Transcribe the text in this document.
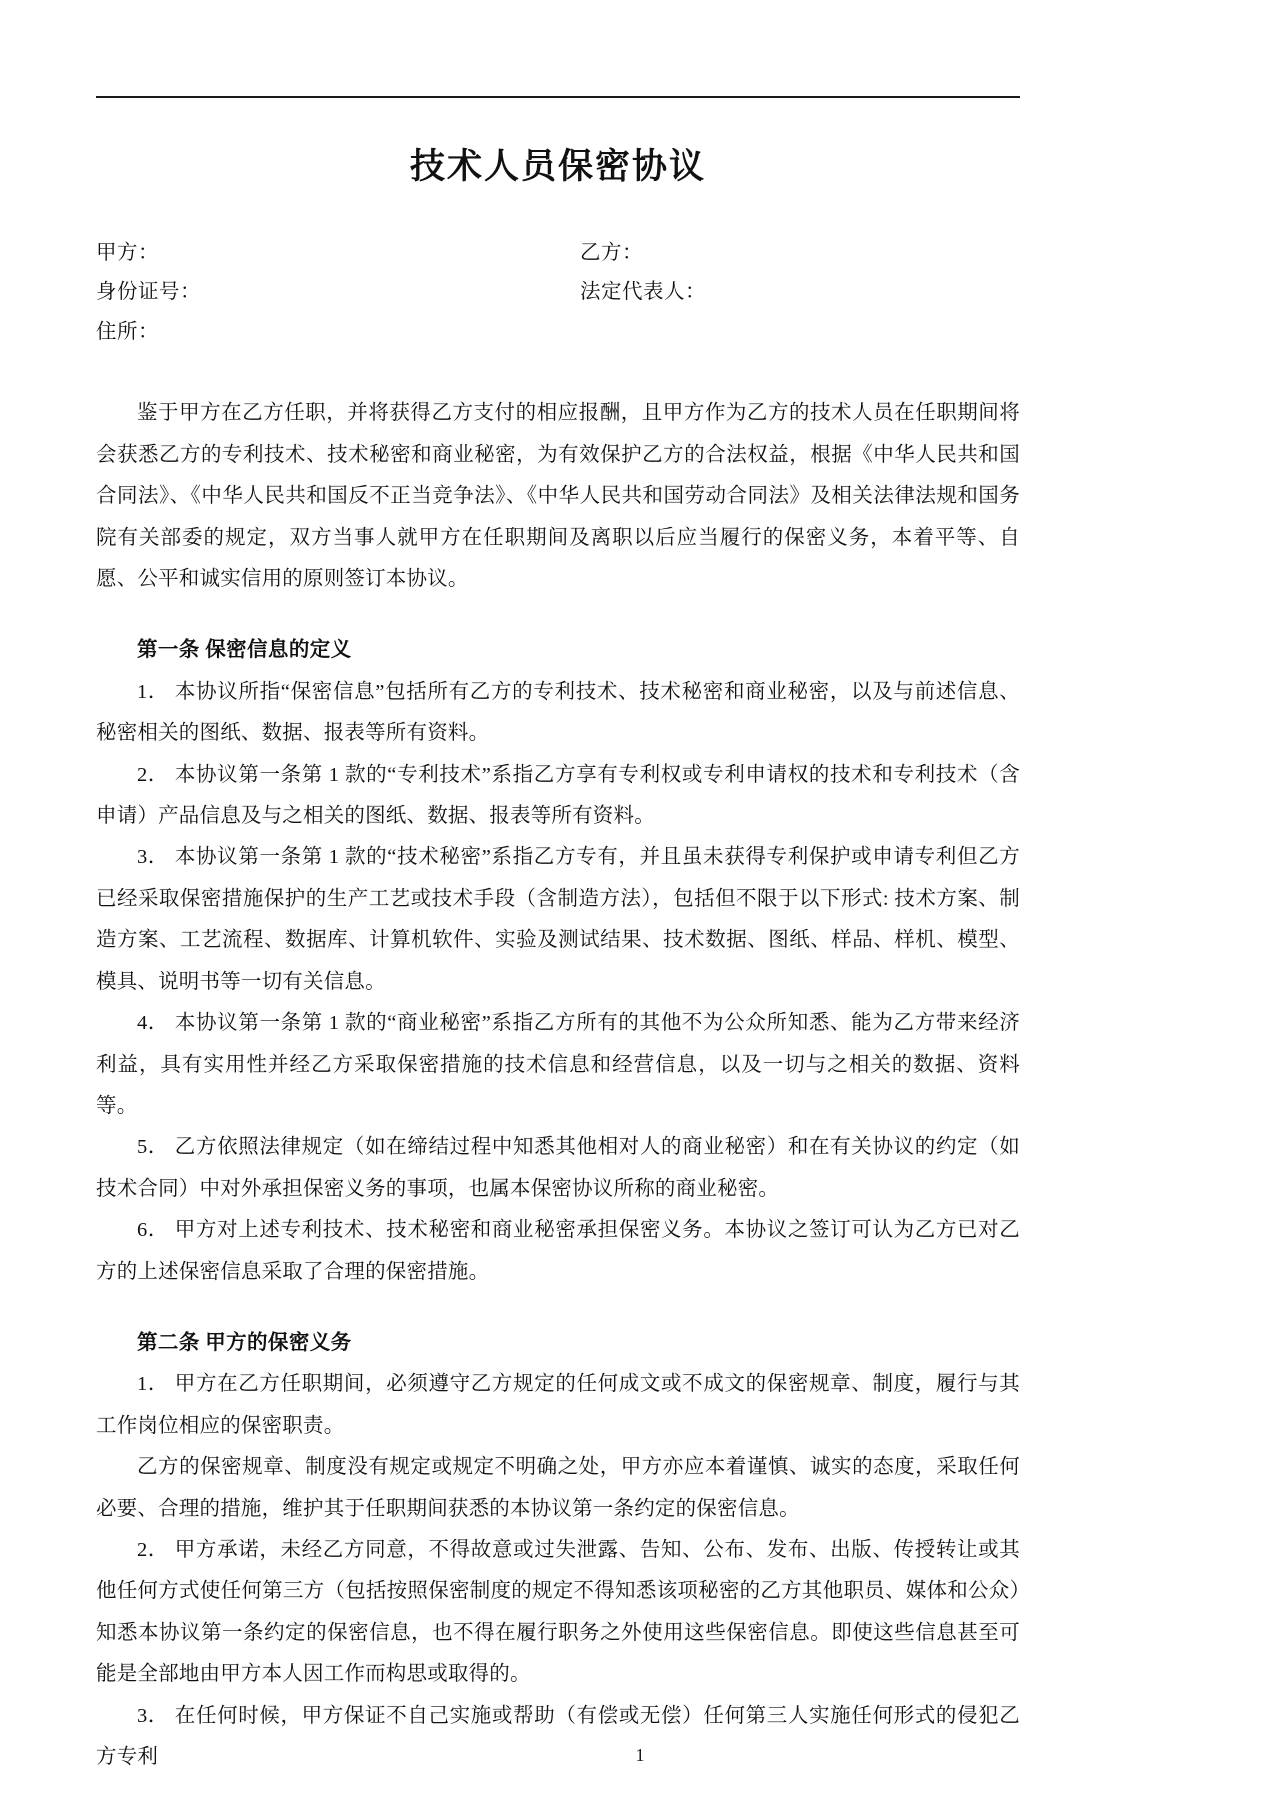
技术人员保密协议
甲方：	乙方：
身份证号：	法定代表人：
住所：

鉴于甲方在乙方任职，并将获得乙方支付的相应报酬，且甲方作为乙方的技术人员在任职期间将会获悉乙方的专利技术、技术秘密和商业秘密，为有效保护乙方的合法权益，根据《中华人民共和国合同法》、《中华人民共和国反不正当竞争法》、《中华人民共和国劳动合同法》及相关法律法规和国务院有关部委的规定，双方当事人就甲方在任职期间及离职以后应当履行的保密义务，本着平等、自愿、公平和诚实信用的原则签订本协议。

第一条 保密信息的定义

1． 本协议所指“保密信息”包括所有乙方的专利技术、技术秘密和商业秘密，以及与前述信息、秘密相关的图纸、数据、报表等所有资料。

2． 本协议第一条第 1 款的“专利技术”系指乙方享有专利权或专利申请权的技术和专利技术（含申请）产品信息及与之相关的图纸、数据、报表等所有资料。

3． 本协议第一条第 1 款的“技术秘密”系指乙方专有，并且虽未获得专利保护或申请专利但乙方已经采取保密措施保护的生产工艺或技术手段（含制造方法），包括但不限于以下形式: 技术方案、制造方案、工艺流程、数据库、计算机软件、实验及测试结果、技术数据、图纸、样品、样机、模型、模具、说明书等一切有关信息。

4． 本协议第一条第 1 款的“商业秘密”系指乙方所有的其他不为公众所知悉、能为乙方带来经济利益，具有实用性并经乙方采取保密措施的技术信息和经营信息，以及一切与之相关的数据、资料等。

5． 乙方依照法律规定（如在缔结过程中知悉其他相对人的商业秘密）和在有关协议的约定（如技术合同）中对外承担保密义务的事项，也属本保密协议所称的商业秘密。

6． 甲方对上述专利技术、技术秘密和商业秘密承担保密义务。本协议之签订可认为乙方已对乙方的上述保密信息采取了合理的保密措施。

第二条 甲方的保密义务

1． 甲方在乙方任职期间，必须遵守乙方规定的任何成文或不成文的保密规章、制度，履行与其工作岗位相应的保密职责。

乙方的保密规章、制度没有规定或规定不明确之处，甲方亦应本着谨慎、诚实的态度，采取任何必要、合理的措施，维护其于任职期间获悉的本协议第一条约定的保密信息。

2． 甲方承诺，未经乙方同意，不得故意或过失泄露、告知、公布、发布、出版、传授转让或其他任何方式使任何第三方（包括按照保密制度的规定不得知悉该项秘密的乙方其他职员、媒体和公众）知悉本协议第一条约定的保密信息，也不得在履行职务之外使用这些保密信息。即使这些信息甚至可能是全部地由甲方本人因工作而构思或取得的。

3． 在任何时候，甲方保证不自己实施或帮助（有偿或无偿）任何第三人实施任何形式的侵犯乙方专利	1
